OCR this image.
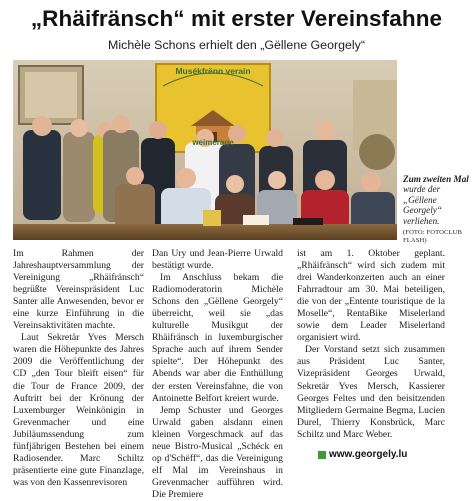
„Rhäifränsch“ mit erster Vereinsfahne
Michèle Schons erhielt den „Gëllene Georgely“
Musékfrënn verain
weimerage
Zum zweiten Mal wurde der „Gëllene Georgely“ verliehen.
(FOTO: FOTOCLUB FLASH)

Im Rahmen der Jahreshauptversammlung der Vereinigung „Rhäifränsch“ begrüßte Vereinspräsident Luc Santer alle Anwesenden, bevor er eine kurze Einführung in die Vereinsaktivitäten machte.

Laut Sekretär Yves Mersch waren die Höhepunkte des Jahres 2009 die Veröffentlichung der CD „den Tour bleift eisen“ für die Tour de France 2009, der Auftritt bei der Krönung der Luxemburger Weinkönigin in Grevenmacher und eine Jubiläumssendung zum fünfjährigen Bestehen bei einem Radiosender. Marc Schiltz präsentierte eine gute Finanzlage, was von den Kassenrevisoren

Dan Ury und Jean-Pierre Urwald bestätigt wurde.

Im Anschluss bekam die Radiomoderatorin Michèle Schons den „Gëllene Georgely“ überreicht, weil sie „das kulturelle Musikgut der Rhäifränsch in luxemburgischer Sprache auch auf ihrem Sender spielte“. Der Höhepunkt des Abends war aber die Enthüllung der ersten Vereinsfahne, die von Antoinette Belfort kreiert wurde.

Jemp Schuster und Georges Urwald gaben alsdann einen kleinen Vorgeschmack auf das neue Bistro-Musical „Schéck en op d'Schëff“, das die Vereinigung elf Mal im Vereinshaus in Grevenmacher aufführen wird. Die Premiere

ist am 1. Oktober geplant. „Rhäifränsch“ wird sich zudem mit drei Wanderkonzerten auch an einer Fahrradtour am 30. Mai beteiligen, die von der „Entente touristique de la Moselle“, RentaBike Miselerland sowie dem Leader Miselerland organisiert wird.

Der Vorstand setzt sich zusammen aus Präsident Luc Santer, Vizepräsident Georges Urwald, Sekretär Yves Mersch, Kassierer Georges Feltes und den beisitzenden Mitgliedern Germaine Begma, Lucien Durel, Thierry Konsbrück, Marc Schiltz und Marc Weber.

www.georgely.lu
